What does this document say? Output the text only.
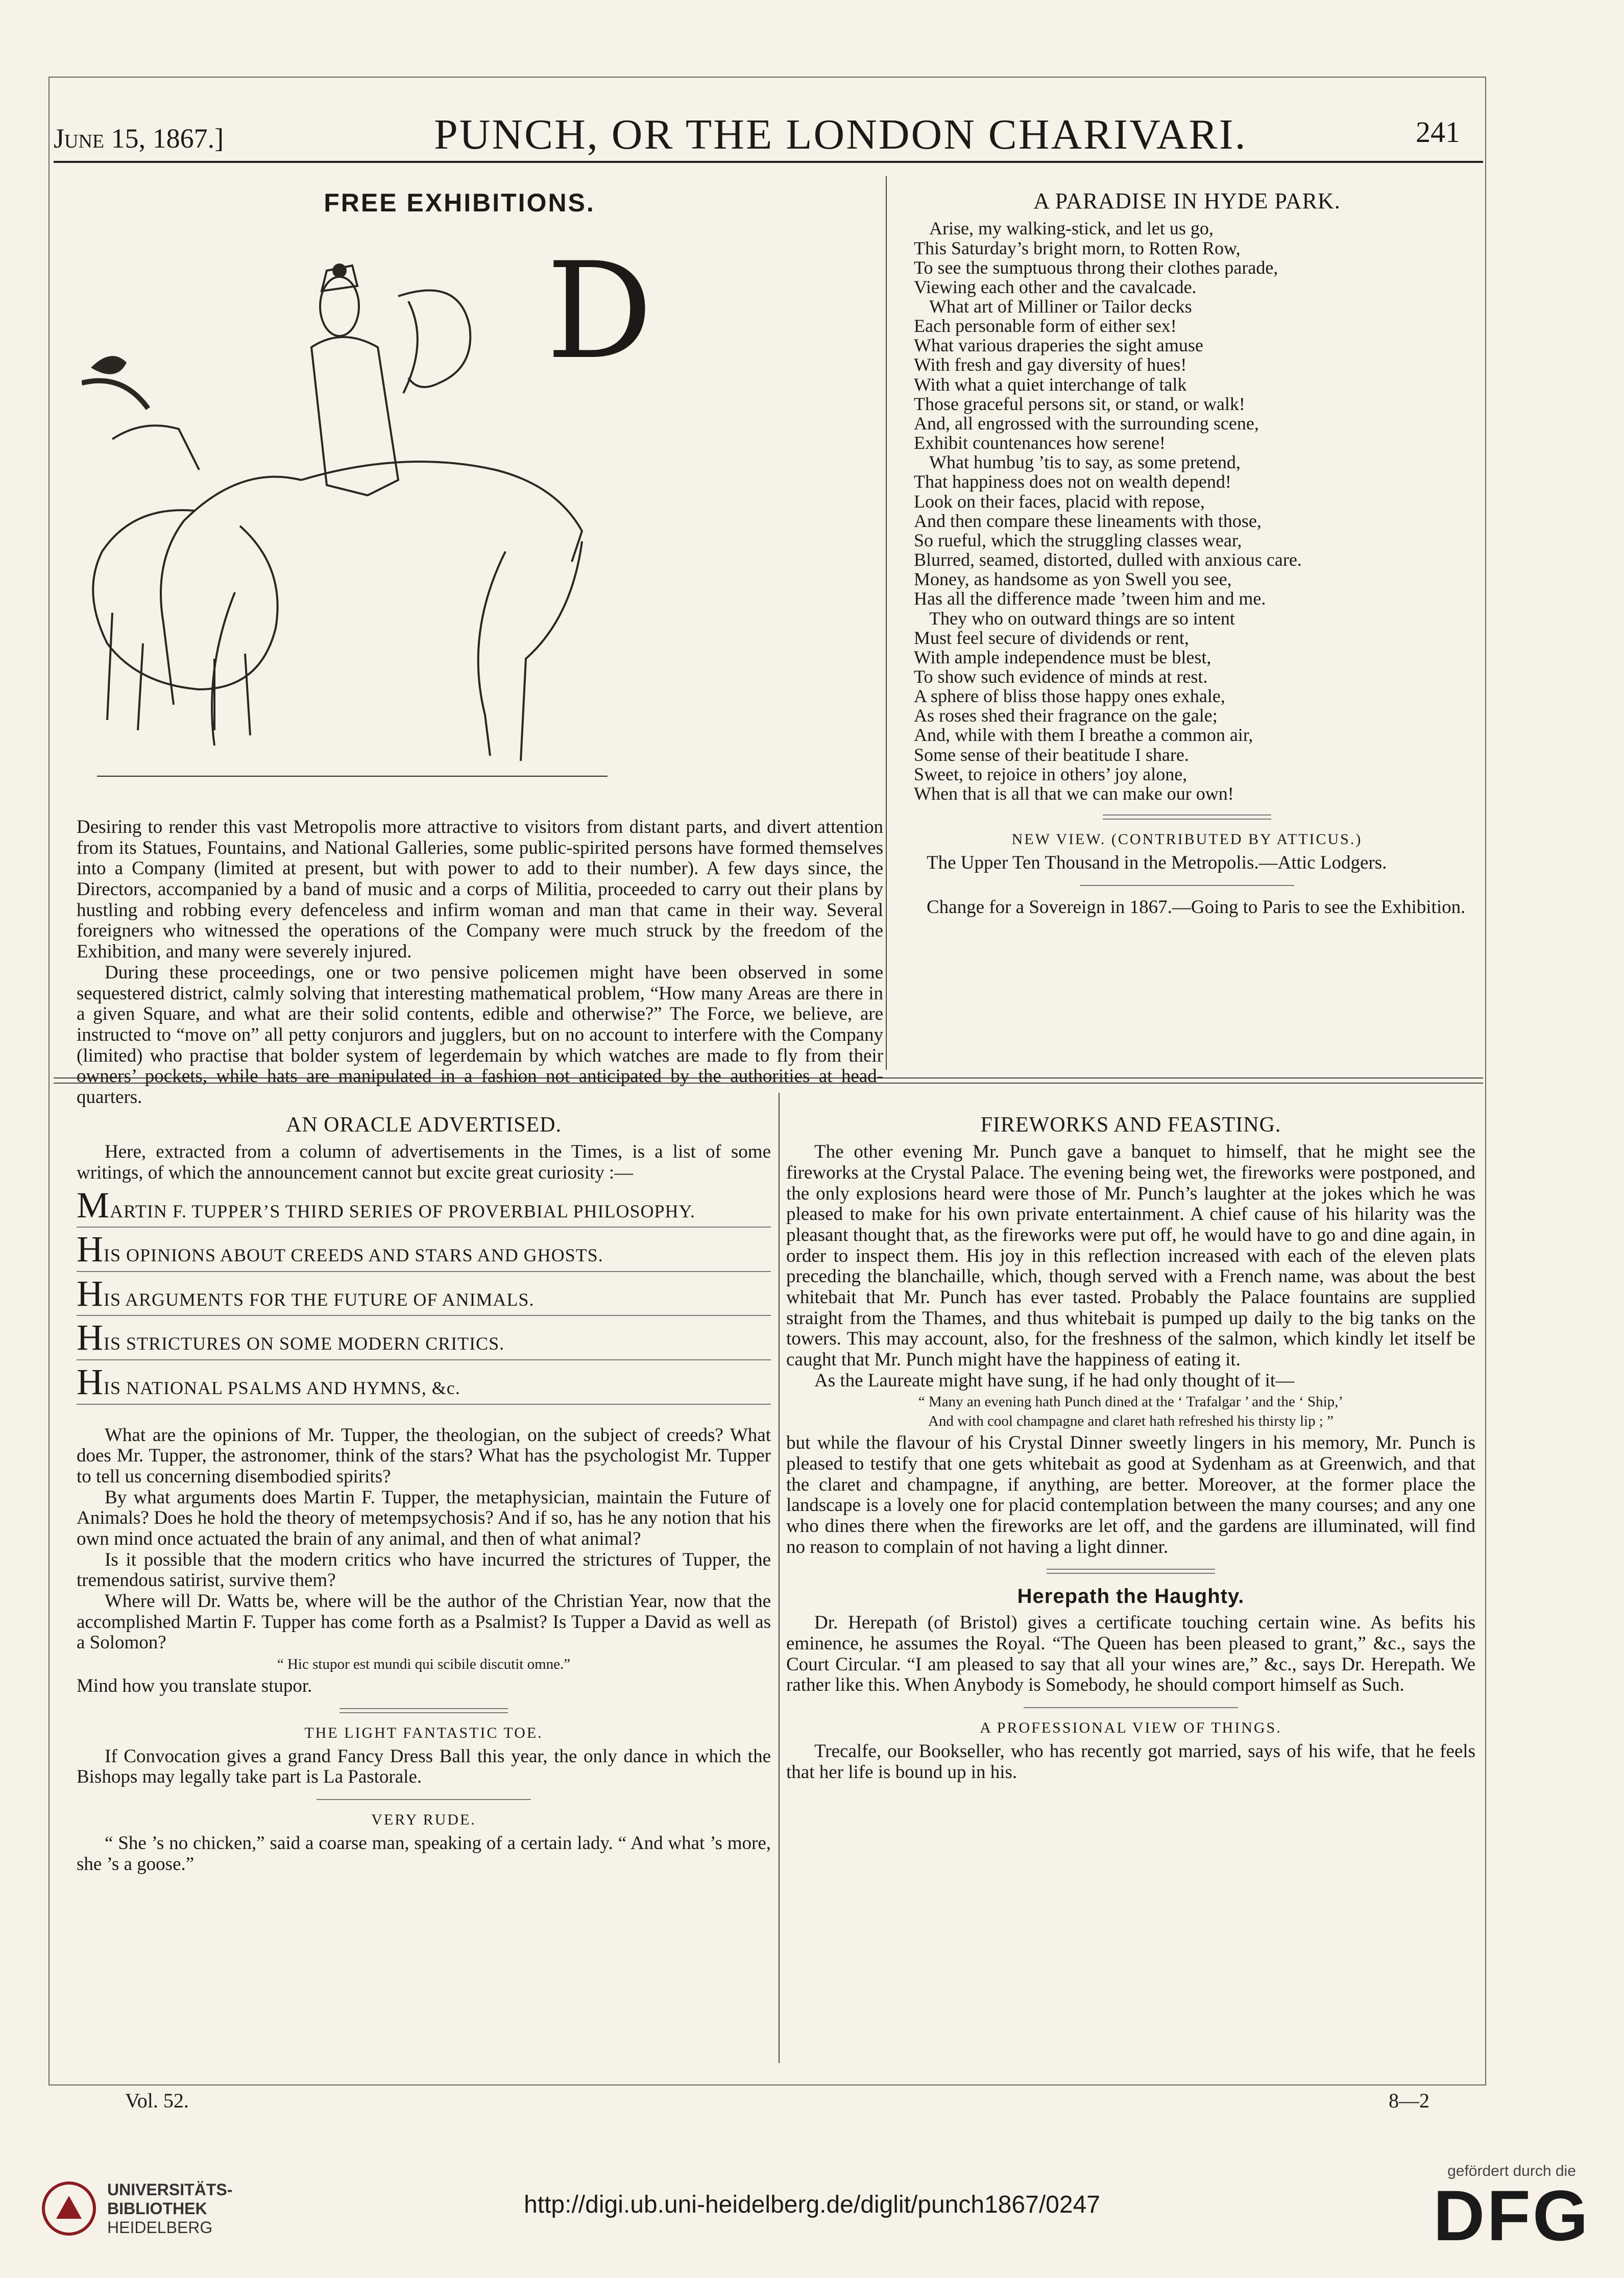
June 15, 1867.]	PUNCH, OR THE LONDON CHARIVARI.	241
FREE EXHIBITIONS.
D

Desiring to render this vast Metropolis more attractive to visitors from distant parts, and divert attention from its Statues, Fountains, and National Galleries, some public-spirited persons have formed themselves into a Company (limited at present, but with power to add to their number). A few days since, the Directors, accompanied by a band of music and a corps of Militia, proceeded to carry out their plans by hustling and robbing every defenceless and infirm woman and man that came in their way. Several foreigners who witnessed the operations of the Company were much struck by the freedom of the Exhibition, and many were severely injured.

During these proceedings, one or two pensive policemen might have been observed in some sequestered district, calmly solving that interesting mathematical problem, “How many Areas are there in a given Square, and what are their solid contents, edible and otherwise?” The Force, we believe, are instructed to “move on” all petty conjurors and jugglers, but on no account to interfere with the Company (limited) who practise that bolder system of legerdemain by which watches are made to fly from their owners’ pockets, while hats are manipulated in a fashion not anticipated by the authorities at head-quarters.

A PARADISE IN HYDE PARK.
Arise, my walking-stick, and let us go,
This Saturday’s bright morn, to Rotten Row,
To see the sumptuous throng their clothes parade,
Viewing each other and the cavalcade.
What art of Milliner or Tailor decks
Each personable form of either sex!
What various draperies the sight amuse
With fresh and gay diversity of hues!
With what a quiet interchange of talk
Those graceful persons sit, or stand, or walk!
And, all engrossed with the surrounding scene,
Exhibit countenances how serene!
What humbug ’tis to say, as some pretend,
That happiness does not on wealth depend!
Look on their faces, placid with repose,
And then compare these lineaments with those,
So rueful, which the struggling classes wear,
Blurred, seamed, distorted, dulled with anxious care.
Money, as handsome as yon Swell you see,
Has all the difference made ’tween him and me.
They who on outward things are so intent
Must feel secure of dividends or rent,
With ample independence must be blest,
To show such evidence of minds at rest.
A sphere of bliss those happy ones exhale,
As roses shed their fragrance on the gale;
And, while with them I breathe a common air,
Some sense of their beatitude I share.
Sweet, to rejoice in others’ joy alone,
When that is all that we can make our own!
NEW VIEW. (CONTRIBUTED BY ATTICUS.)

The Upper Ten Thousand in the Metropolis.—Attic Lodgers.

Change for a Sovereign in 1867.—Going to Paris to see the Exhibition.

AN ORACLE ADVERTISED.

Here, extracted from a column of advertisements in the Times, is a list of some writings, of which the announcement cannot but excite great curiosity :—

MARTIN F. TUPPER’S THIRD SERIES OF PROVERBIAL PHILOSOPHY.
HIS OPINIONS ABOUT CREEDS AND STARS AND GHOSTS.
HIS ARGUMENTS FOR THE FUTURE OF ANIMALS.
HIS STRICTURES ON SOME MODERN CRITICS.
HIS NATIONAL PSALMS AND HYMNS, &c.

What are the opinions of Mr. Tupper, the theologian, on the subject of creeds? What does Mr. Tupper, the astronomer, think of the stars? What has the psychologist Mr. Tupper to tell us concerning disembodied spirits?

By what arguments does Martin F. Tupper, the metaphysician, maintain the Future of Animals? Does he hold the theory of metempsychosis? And if so, has he any notion that his own mind once actuated the brain of any animal, and then of what animal?

Is it possible that the modern critics who have incurred the strictures of Tupper, the tremendous satirist, survive them?

Where will Dr. Watts be, where will be the author of the Christian Year, now that the accomplished Martin F. Tupper has come forth as a Psalmist? Is Tupper a David as well as a Solomon?

“ Hic stupor est mundi qui scibile discutit omne.”

Mind how you translate stupor.

THE LIGHT FANTASTIC TOE.

If Convocation gives a grand Fancy Dress Ball this year, the only dance in which the Bishops may legally take part is La Pastorale.

VERY RUDE.

“ She ’s no chicken,” said a coarse man, speaking of a certain lady. “ And what ’s more, she ’s a goose.”

FIREWORKS AND FEASTING.

The other evening Mr. Punch gave a banquet to himself, that he might see the fireworks at the Crystal Palace. The evening being wet, the fireworks were postponed, and the only explosions heard were those of Mr. Punch’s laughter at the jokes which he was pleased to make for his own private entertainment. A chief cause of his hilarity was the pleasant thought that, as the fireworks were put off, he would have to go and dine again, in order to inspect them. His joy in this reflection increased with each of the eleven plats preceding the blanchaille, which, though served with a French name, was about the best whitebait that Mr. Punch has ever tasted. Probably the Palace fountains are supplied straight from the Thames, and thus whitebait is pumped up daily to the big tanks on the towers. This may account, also, for the freshness of the salmon, which kindly let itself be caught that Mr. Punch might have the happiness of eating it.

As the Laureate might have sung, if he had only thought of it—

“ Many an evening hath Punch dined at the ‘ Trafalgar ’ and the ‘ Ship,’
And with cool champagne and claret hath refreshed his thirsty lip ; ”

but while the flavour of his Crystal Dinner sweetly lingers in his memory, Mr. Punch is pleased to testify that one gets whitebait as good at Sydenham as at Greenwich, and that the claret and champagne, if anything, are better. Moreover, at the former place the landscape is a lovely one for placid contemplation between the many courses; and any one who dines there when the fireworks are let off, and the gardens are illuminated, will find no reason to complain of not having a light dinner.

Herepath the Haughty.

Dr. Herepath (of Bristol) gives a certificate touching certain wine. As befits his eminence, he assumes the Royal. “The Queen has been pleased to grant,” &c., says the Court Circular. “I am pleased to say that all your wines are,” &c., says Dr. Herepath. We rather like this. When Anybody is Somebody, he should comport himself as Such.

A PROFESSIONAL VIEW OF THINGS.

Trecalfe, our Bookseller, who has recently got married, says of his wife, that he feels that her life is bound up in his.

Vol. 52.	8—2
UNIVERSITÄTS-
BIBLIOTHEK
HEIDELBERG
http://digi.ub.uni-heidelberg.de/diglit/punch1867/0247
gefördert durch die
DFG
